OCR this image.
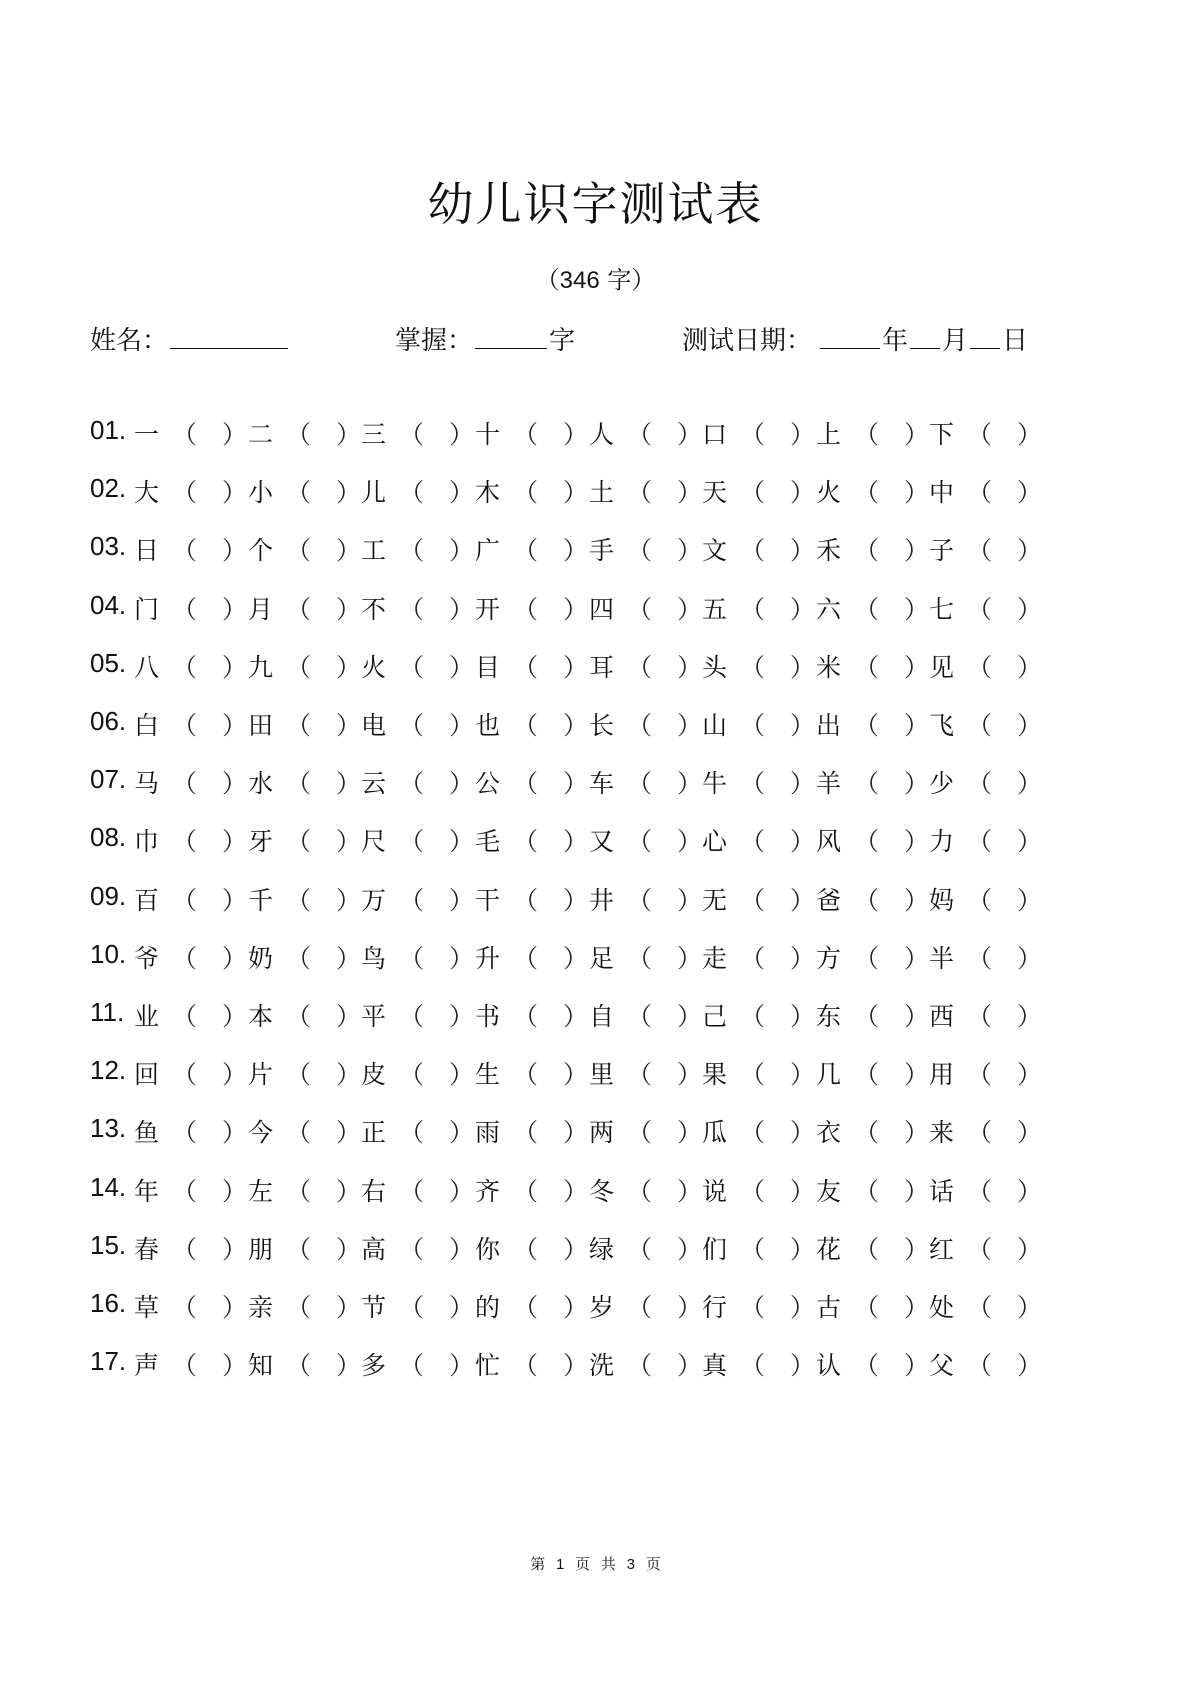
幼儿识字测试表
（346 字）
姓名：	掌握：	字	测试日期：	年 月 日
01. 一 （ ） 二 （ ） 三 （ ） 十 （ ） 人 （ ） 口 （ ） 上 （ ） 下 （ ）
02. 大 （ ） 小 （ ） 儿 （ ） 木 （ ） 土 （ ） 天 （ ） 火 （ ） 中 （ ）
03. 日 （ ） 个 （ ） 工 （ ） 广 （ ） 手 （ ） 文 （ ） 禾 （ ） 子 （ ）
04. 门 （ ） 月 （ ） 不 （ ） 开 （ ） 四 （ ） 五 （ ） 六 （ ） 七 （ ）
05. 八 （ ） 九 （ ） 火 （ ） 目 （ ） 耳 （ ） 头 （ ） 米 （ ） 见 （ ）
06. 白 （ ） 田 （ ） 电 （ ） 也 （ ） 长 （ ） 山 （ ） 出 （ ） 飞 （ ）
07. 马 （ ） 水 （ ） 云 （ ） 公 （ ） 车 （ ） 牛 （ ） 羊 （ ） 少 （ ）
08. 巾 （ ） 牙 （ ） 尺 （ ） 毛 （ ） 又 （ ） 心 （ ） 风 （ ） 力 （ ）
09. 百 （ ） 千 （ ） 万 （ ） 干 （ ） 井 （ ） 无 （ ） 爸 （ ） 妈 （ ）
10. 爷 （ ） 奶 （ ） 鸟 （ ） 升 （ ） 足 （ ） 走 （ ） 方 （ ） 半 （ ）
11. 业 （ ） 本 （ ） 平 （ ） 书 （ ） 自 （ ） 己 （ ） 东 （ ） 西 （ ）
12. 回 （ ） 片 （ ） 皮 （ ） 生 （ ） 里 （ ） 果 （ ） 几 （ ） 用 （ ）
13. 鱼 （ ） 今 （ ） 正 （ ） 雨 （ ） 两 （ ） 瓜 （ ） 衣 （ ） 来 （ ）
14. 年 （ ） 左 （ ） 右 （ ） 齐 （ ） 冬 （ ） 说 （ ） 友 （ ） 话 （ ）
15. 春 （ ） 朋 （ ） 高 （ ） 你 （ ） 绿 （ ） 们 （ ） 花 （ ） 红 （ ）
16. 草 （ ） 亲 （ ） 节 （ ） 的 （ ） 岁 （ ） 行 （ ） 古 （ ） 处 （ ）
17. 声 （ ） 知 （ ） 多 （ ） 忙 （ ） 洗 （ ） 真 （ ） 认 （ ） 父 （ ）
第 1 页 共 3 页
